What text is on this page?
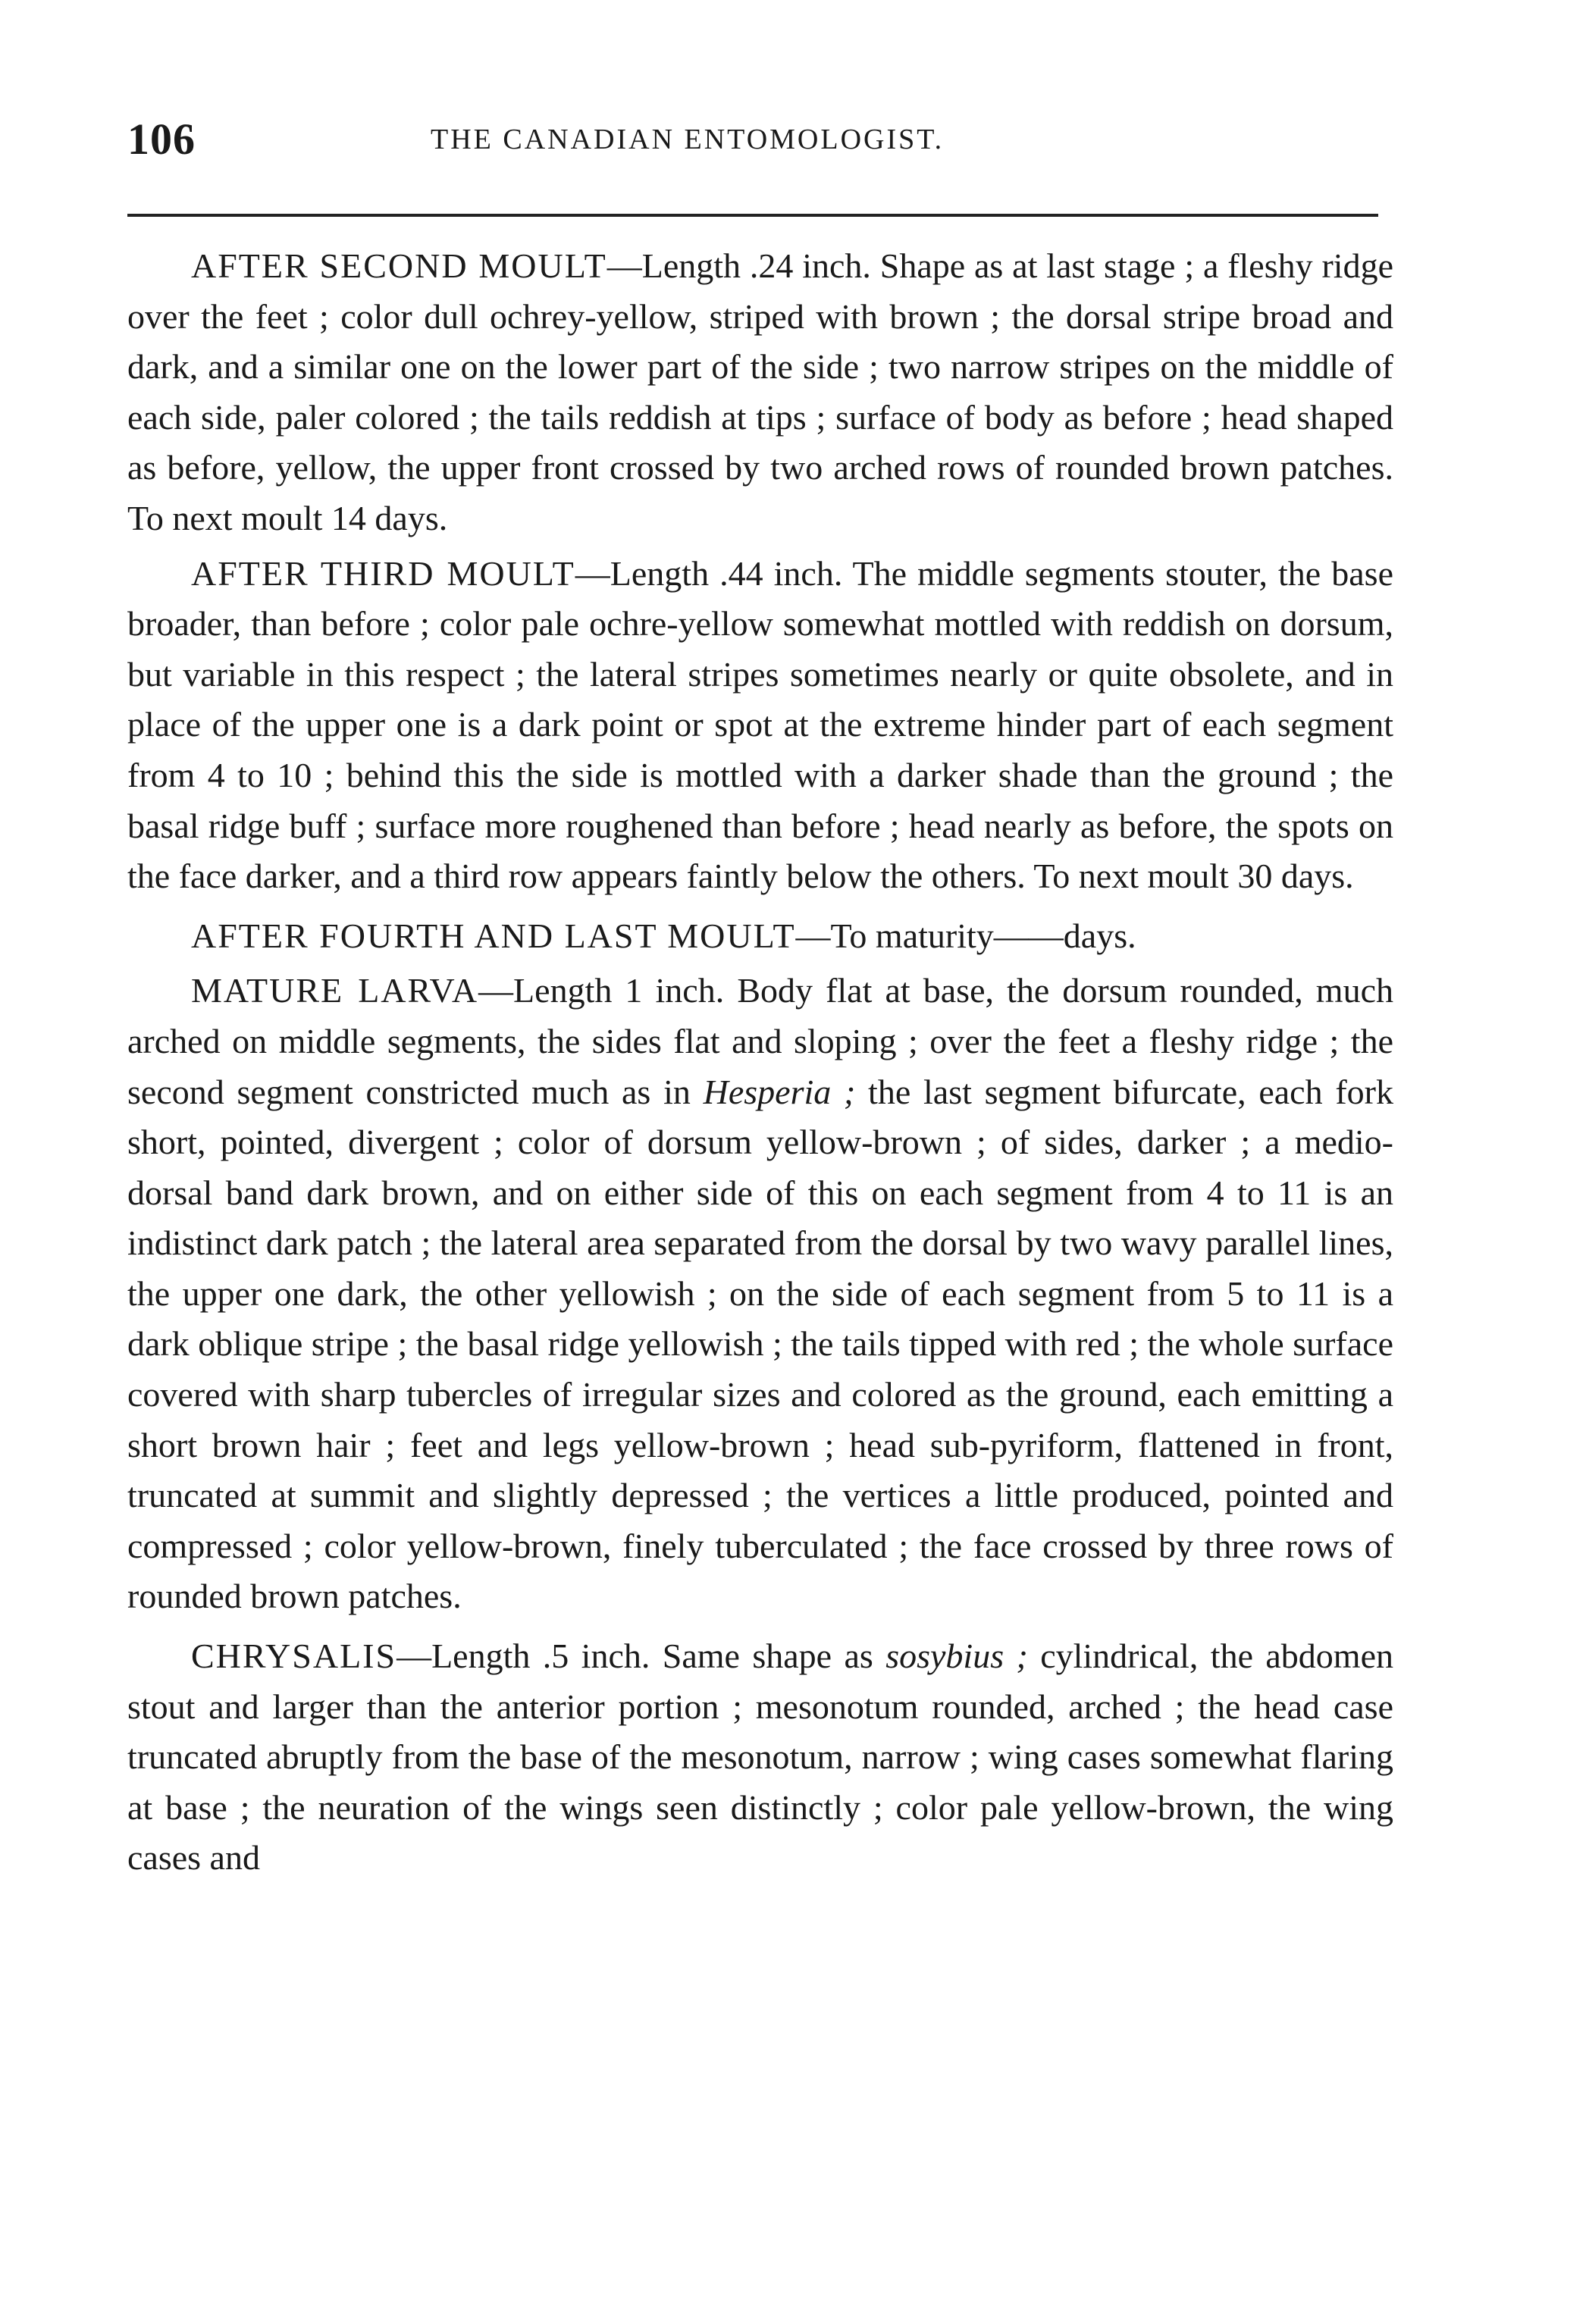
106	THE CANADIAN ENTOMOLOGIST.

AFTER SECOND MOULT—Length .24 inch. Shape as at last stage ; a fleshy ridge over the feet ; color dull ochrey-yellow, striped with brown ; the dorsal stripe broad and dark, and a similar one on the lower part of the side ; two narrow stripes on the middle of each side, paler colored ; the tails reddish at tips ; surface of body as before ; head shaped as before, yellow, the upper front crossed by two arched rows of rounded brown patches. To next moult 14 days.

AFTER THIRD MOULT—Length .44 inch. The middle segments stouter, the base broader, than before ; color pale ochre-yellow somewhat mottled with reddish on dorsum, but variable in this respect ; the lateral stripes sometimes nearly or quite obsolete, and in place of the upper one is a dark point or spot at the extreme hinder part of each segment from 4 to 10 ; behind this the side is mottled with a darker shade than the ground ; the basal ridge buff ; surface more roughened than before ; head nearly as before, the spots on the face darker, and a third row appears faintly below the others. To next moult 30 days.

AFTER FOURTH AND LAST MOULT—To maturity——days.

MATURE LARVA—Length 1 inch. Body flat at base, the dorsum rounded, much arched on middle segments, the sides flat and sloping ; over the feet a fleshy ridge ; the second segment constricted much as in Hesperia ; the last segment bifurcate, each fork short, pointed, divergent ; color of dorsum yellow-brown ; of sides, darker ; a medio-dorsal band dark brown, and on either side of this on each segment from 4 to 11 is an indistinct dark patch ; the lateral area separated from the dorsal by two wavy parallel lines, the upper one dark, the other yellowish ; on the side of each segment from 5 to 11 is a dark oblique stripe ; the basal ridge yellowish ; the tails tipped with red ; the whole surface covered with sharp tubercles of irregular sizes and colored as the ground, each emitting a short brown hair ; feet and legs yellow-brown ; head sub-pyriform, flattened in front, truncated at summit and slightly depressed ; the vertices a little produced, pointed and compressed ; color yellow-brown, finely tuberculated ; the face crossed by three rows of rounded brown patches.

CHRYSALIS—Length .5 inch. Same shape as sosybius ; cylindrical, the abdomen stout and larger than the anterior portion ; mesonotum rounded, arched ; the head case truncated abruptly from the base of the mesonotum, narrow ; wing cases somewhat flaring at base ; the neuration of the wings seen distinctly ; color pale yellow-brown, the wing cases and
